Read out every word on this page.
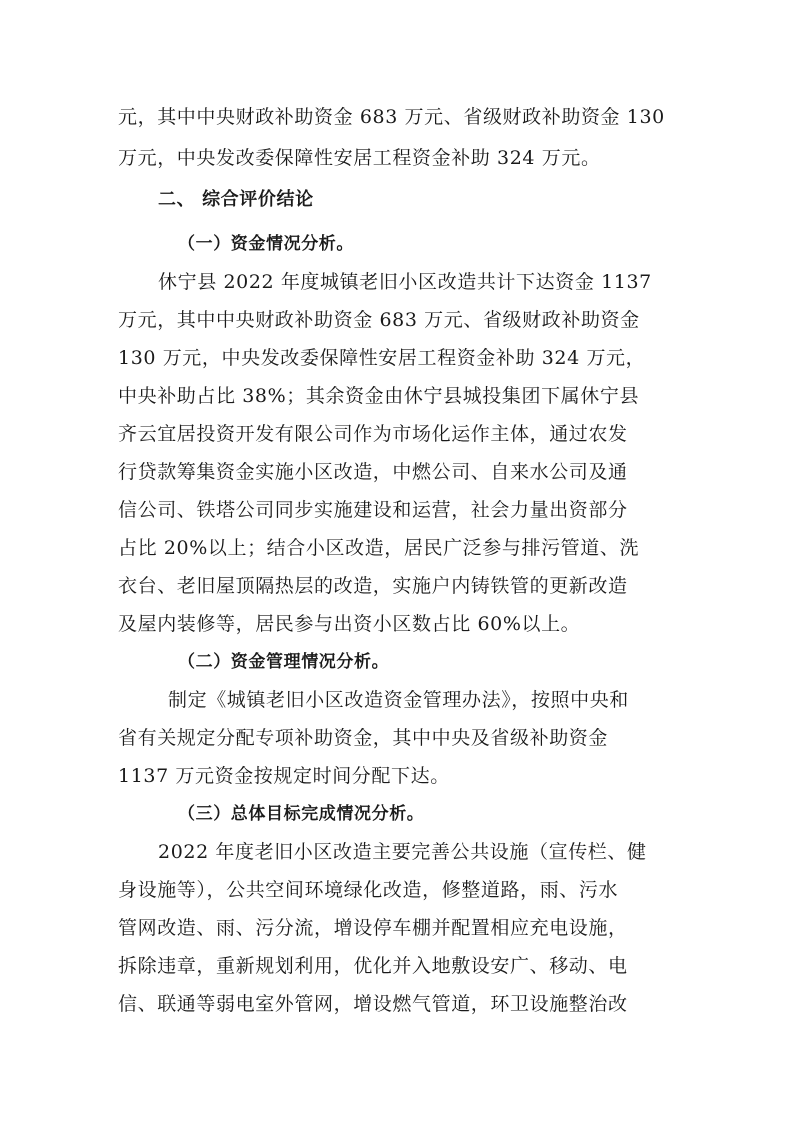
元，其中中央财政补助资金 683 万元、省级财政补助资金 130
万元，中央发改委保障性安居工程资金补助 324 万元。
二、 综合评价结论
（一）资金情况分析。
休宁县 2022 年度城镇老旧小区改造共计下达资金 1137
万元，其中中央财政补助资金 683 万元、省级财政补助资金
130 万元，中央发改委保障性安居工程资金补助 324 万元，
中央补助占比 38%；其余资金由休宁县城投集团下属休宁县
齐云宜居投资开发有限公司作为市场化运作主体，通过农发
行贷款筹集资金实施小区改造，中燃公司、自来水公司及通
信公司、铁塔公司同步实施建设和运营，社会力量出资部分
占比 20%以上；结合小区改造，居民广泛参与排污管道、洗
衣台、老旧屋顶隔热层的改造，实施户内铸铁管的更新改造
及屋内装修等，居民参与出资小区数占比 60%以上。
（二）资金管理情况分析。
制定《城镇老旧小区改造资金管理办法》，按照中央和
省有关规定分配专项补助资金，其中中央及省级补助资金
1137 万元资金按规定时间分配下达。
（三）总体目标完成情况分析。
2022 年度老旧小区改造主要完善公共设施（宣传栏、健
身设施等），公共空间环境绿化改造，修整道路，雨、污水
管网改造、雨、污分流，增设停车棚并配置相应充电设施，
拆除违章，重新规划利用，优化并入地敷设安广、移动、电
信、联通等弱电室外管网，增设燃气管道，环卫设施整治改
